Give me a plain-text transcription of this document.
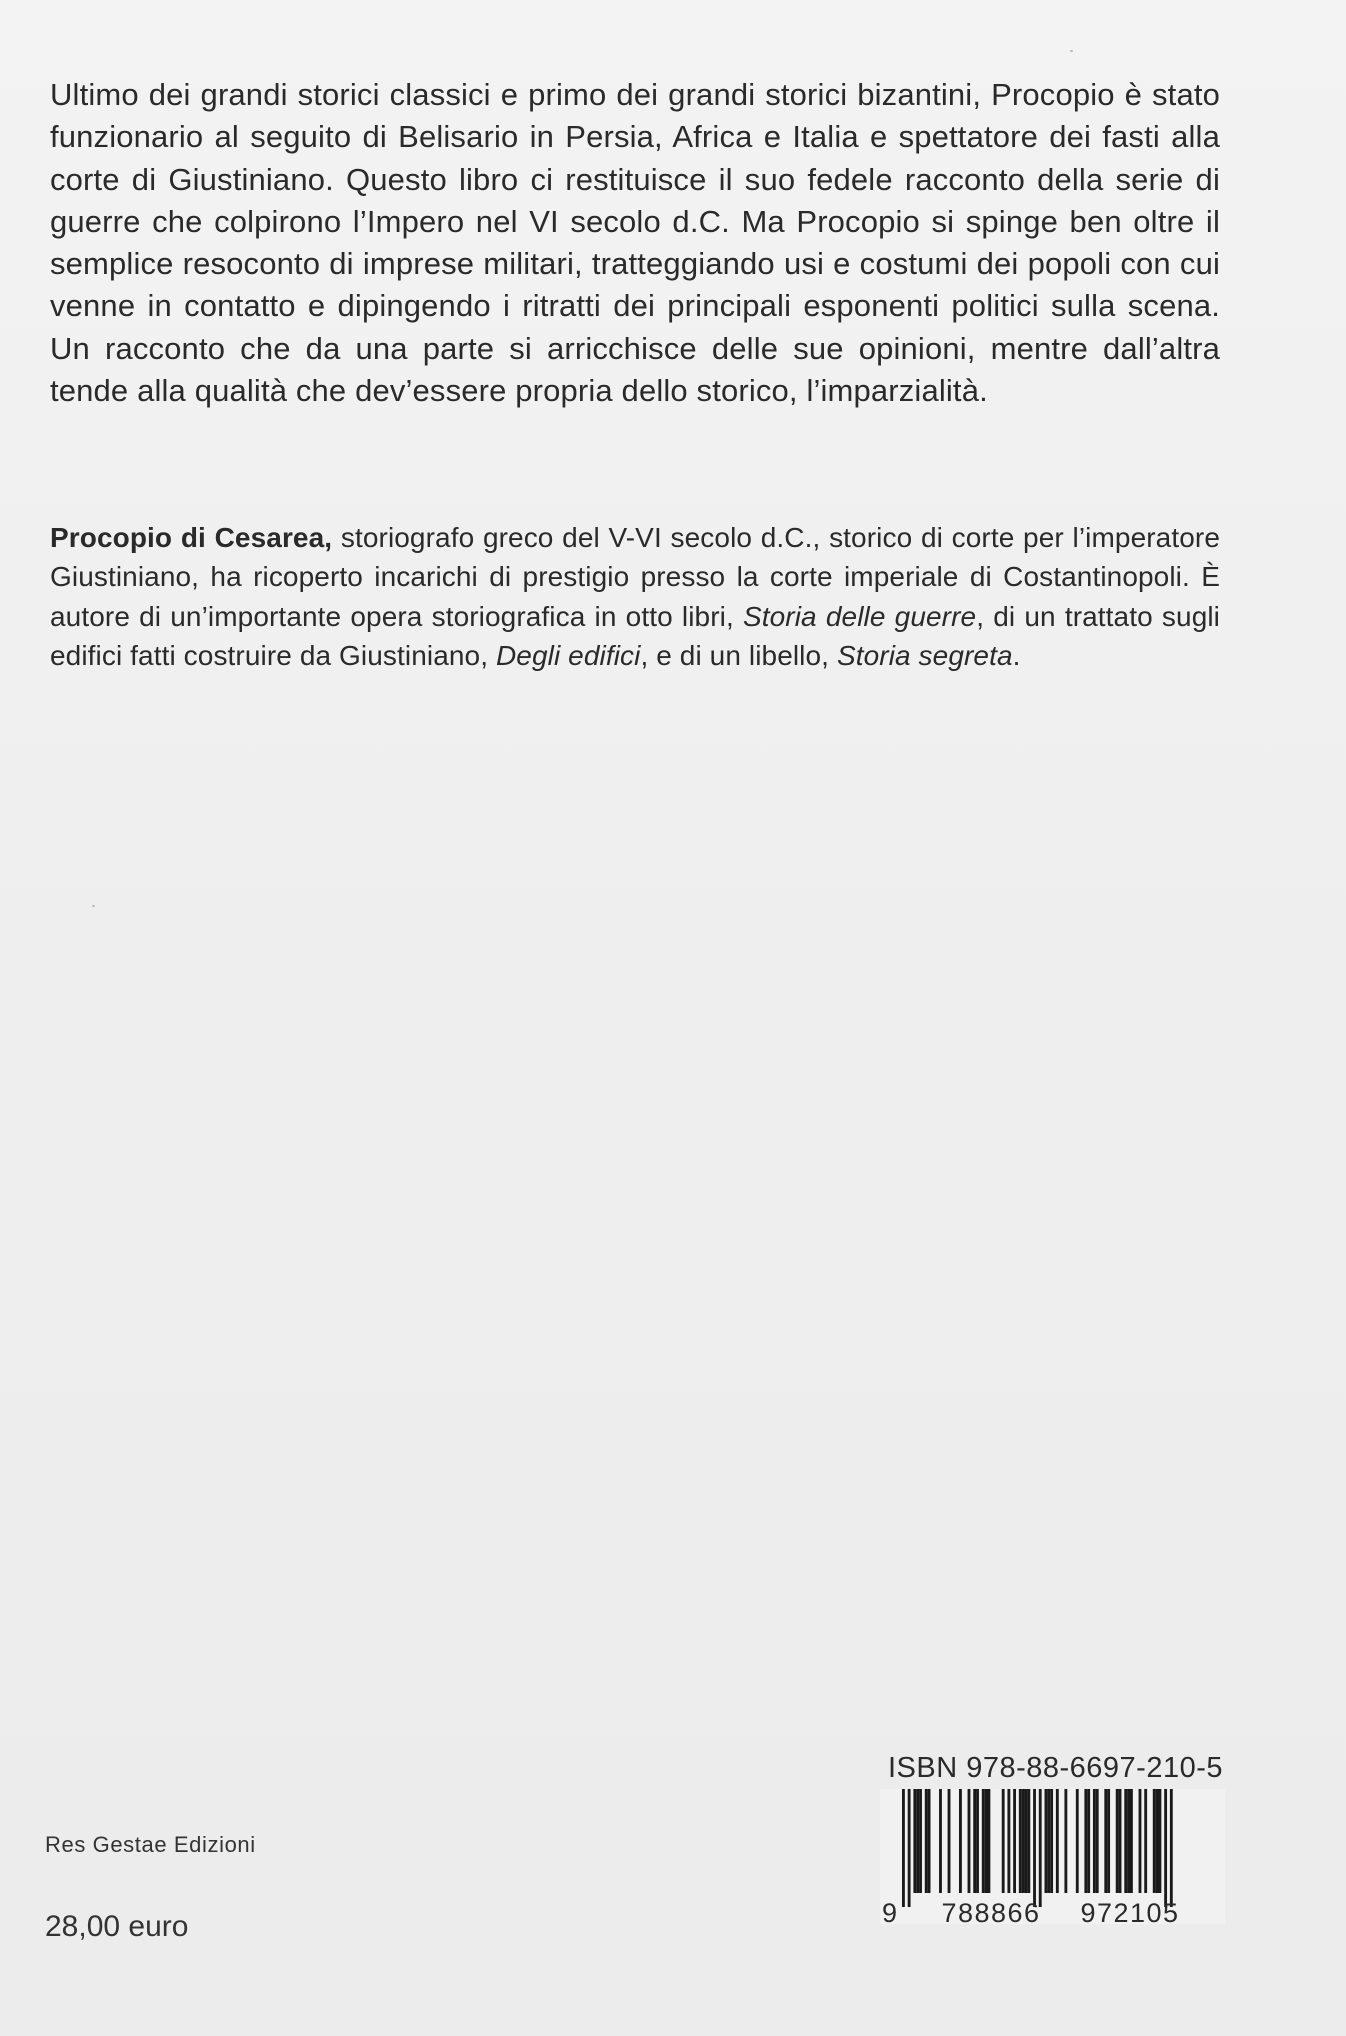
Ultimo dei grandi storici classici e primo dei grandi storici bizantini, Procopio è stato funzionario al seguito di Belisario in Persia, Africa e Italia e spettatore dei fasti alla corte di Giustiniano. Questo libro ci restituisce il suo fedele racconto della serie di guerre che colpirono l’Impero nel VI secolo d.C. Ma Procopio si spinge ben oltre il semplice resoconto di imprese militari, tratteggiando usi e costumi dei popoli con cui venne in contatto e dipingendo i ritratti dei principali esponenti politici sulla scena. Un racconto che da una parte si arricchisce delle sue opinioni, mentre dall’altra tende alla qualità che dev’essere propria dello storico, l’imparzialità.

Procopio di Cesarea, storiografo greco del V-VI secolo d.C., storico di corte per l’imperatore Giustiniano, ha ricoperto incarichi di prestigio presso la corte imperiale di Costantinopoli. È autore di un’importante opera storiografica in otto libri, Storia delle guerre, di un trattato sugli edifici fatti costruire da Giustiniano, Degli edifici, e di un libello, Storia segreta.

Res Gestae Edizioni
28,00 euro
ISBN 978-88-6697-210-5
9 788866 972105
